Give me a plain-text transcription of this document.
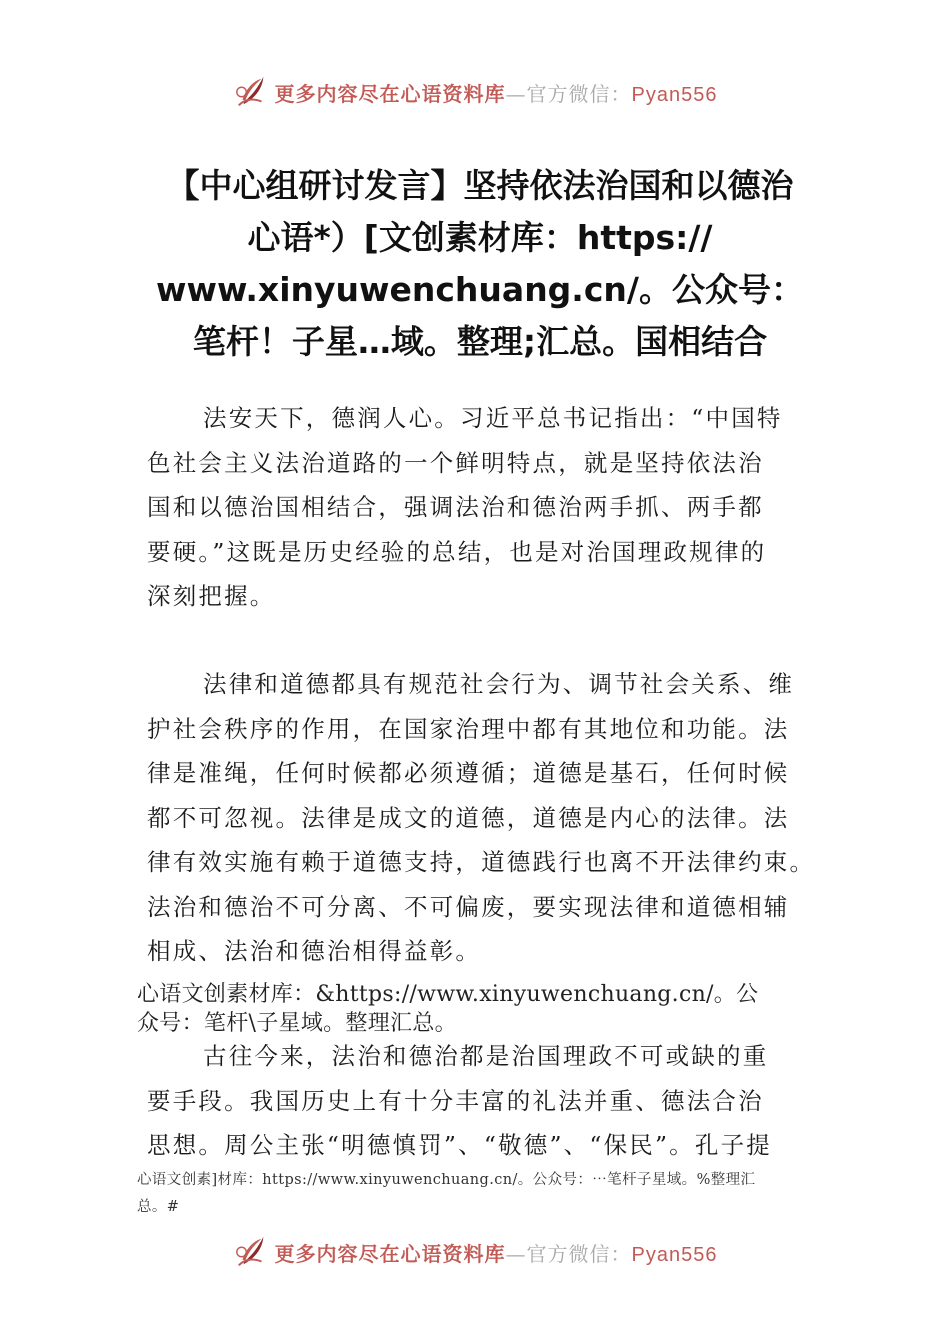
更多内容尽在心语资料库—官方微信：Pyan556
【中心组研讨发言】坚持依法治国和以德治
心语*）[文创素材库：https://
www.xinyuwenchuang.cn/。公众号：
笔杆！子星…域。整理;汇总。国相结合
法安天下，德润人心。习近平总书记指出：“中国特
色社会主义法治道路的一个鲜明特点，就是坚持依法治
国和以德治国相结合，强调法治和德治两手抓、两手都
要硬。”这既是历史经验的总结，也是对治国理政规律的
深刻把握。
法律和道德都具有规范社会行为、调节社会关系、维
护社会秩序的作用，在国家治理中都有其地位和功能。法
律是准绳，任何时候都必须遵循；道德是基石，任何时候
都不可忽视。法律是成文的道德，道德是内心的法律。法
律有效实施有赖于道德支持，道德践行也离不开法律约束。
法治和德治不可分离、不可偏废，要实现法律和道德相辅
相成、法治和德治相得益彰。
心语文创素材库：&https://www.xinyuwenchuang.cn/。公
众号：笔杆\子星域。整理汇总。
古往今来，法治和德治都是治国理政不可或缺的重
要手段。我国历史上有十分丰富的礼法并重、德法合治
思想。周公主张“明德慎罚”、“敬德”、“保民”。孔子提
心语文创素]材库：https://www.xinyuwenchuang.cn/。公众号：⋯笔杆子星域。%整理汇
总。#
更多内容尽在心语资料库—官方微信：Pyan556
